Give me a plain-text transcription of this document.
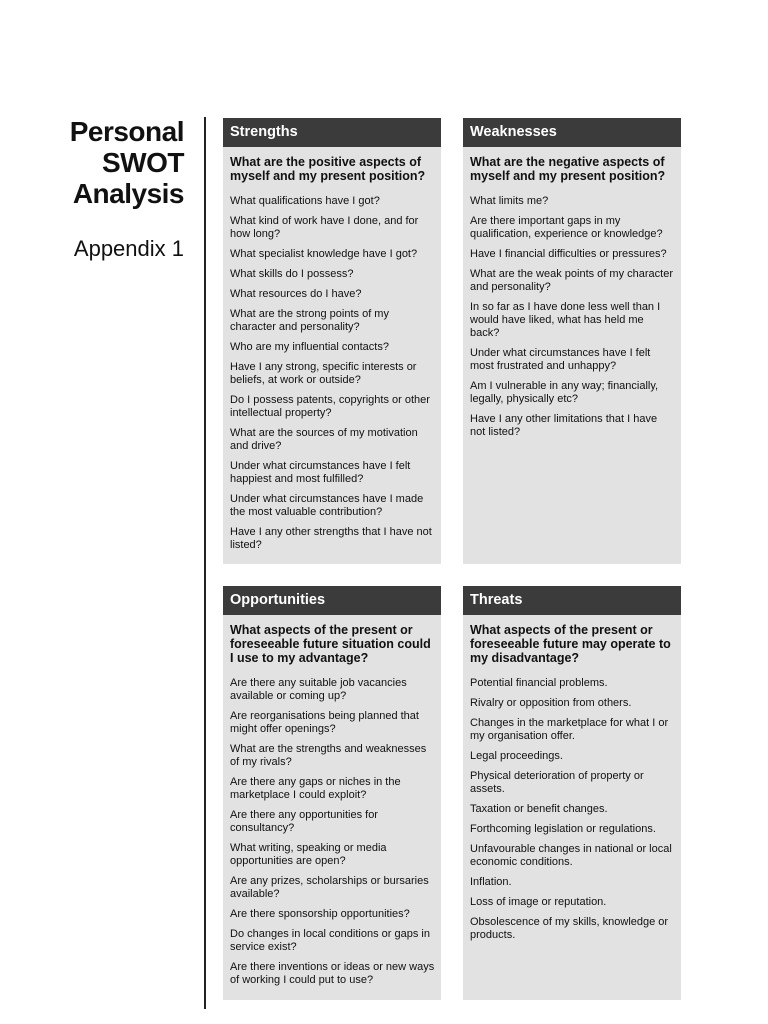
Personal
SWOT
Analysis
Appendix 1
Strengths
What are the positive aspects of myself and my present position?
What qualifications have I got?
What kind of work have I done, and for how long?
What specialist knowledge have I got?
What skills do I possess?
What resources do I have?
What are the strong points of my character and personality?
Who are my influential contacts?
Have I any strong, specific interests or beliefs, at work or outside?
Do I possess patents, copyrights or other intellectual property?
What are the sources of my motivation and drive?
Under what circumstances have I felt happiest and most fulfilled?
Under what circumstances have I made the most valuable contribution?
Have I any other strengths that I have not listed?
Weaknesses
What are the negative aspects of myself and my present position?
What limits me?
Are there important gaps in my qualification, experience or knowledge?
Have I financial difficulties or pressures?
What are the weak points of my character and personality?
In so far as I have done less well than I would have liked, what has held me back?
Under what circumstances have I felt most frustrated and unhappy?
Am I vulnerable in any way; financially, legally, physically etc?
Have I any other limitations that I have not listed?
Opportunities
What aspects of the present or foreseeable future situation could I use to my advantage?
Are there any suitable job vacancies available or coming up?
Are reorganisations being planned that might offer openings?
What are the strengths and weaknesses of my rivals?
Are there any gaps or niches in the marketplace I could exploit?
Are there any opportunities for consultancy?
What writing, speaking or media opportunities are open?
Are any prizes, scholarships or bursaries available?
Are there sponsorship opportunities?
Do changes in local conditions or gaps in service exist?
Are there inventions or ideas or new ways of working I could put to use?
Threats
What aspects of the present or foreseeable future may operate to my disadvantage?
Potential financial problems.
Rivalry or opposition from others.
Changes in the marketplace for what I or my organisation offer.
Legal proceedings.
Physical deterioration of property or assets.
Taxation or benefit changes.
Forthcoming legislation or regulations.
Unfavourable changes in national or local economic conditions.
Inflation.
Loss of image or reputation.
Obsolescence of my skills, knowledge or products.
